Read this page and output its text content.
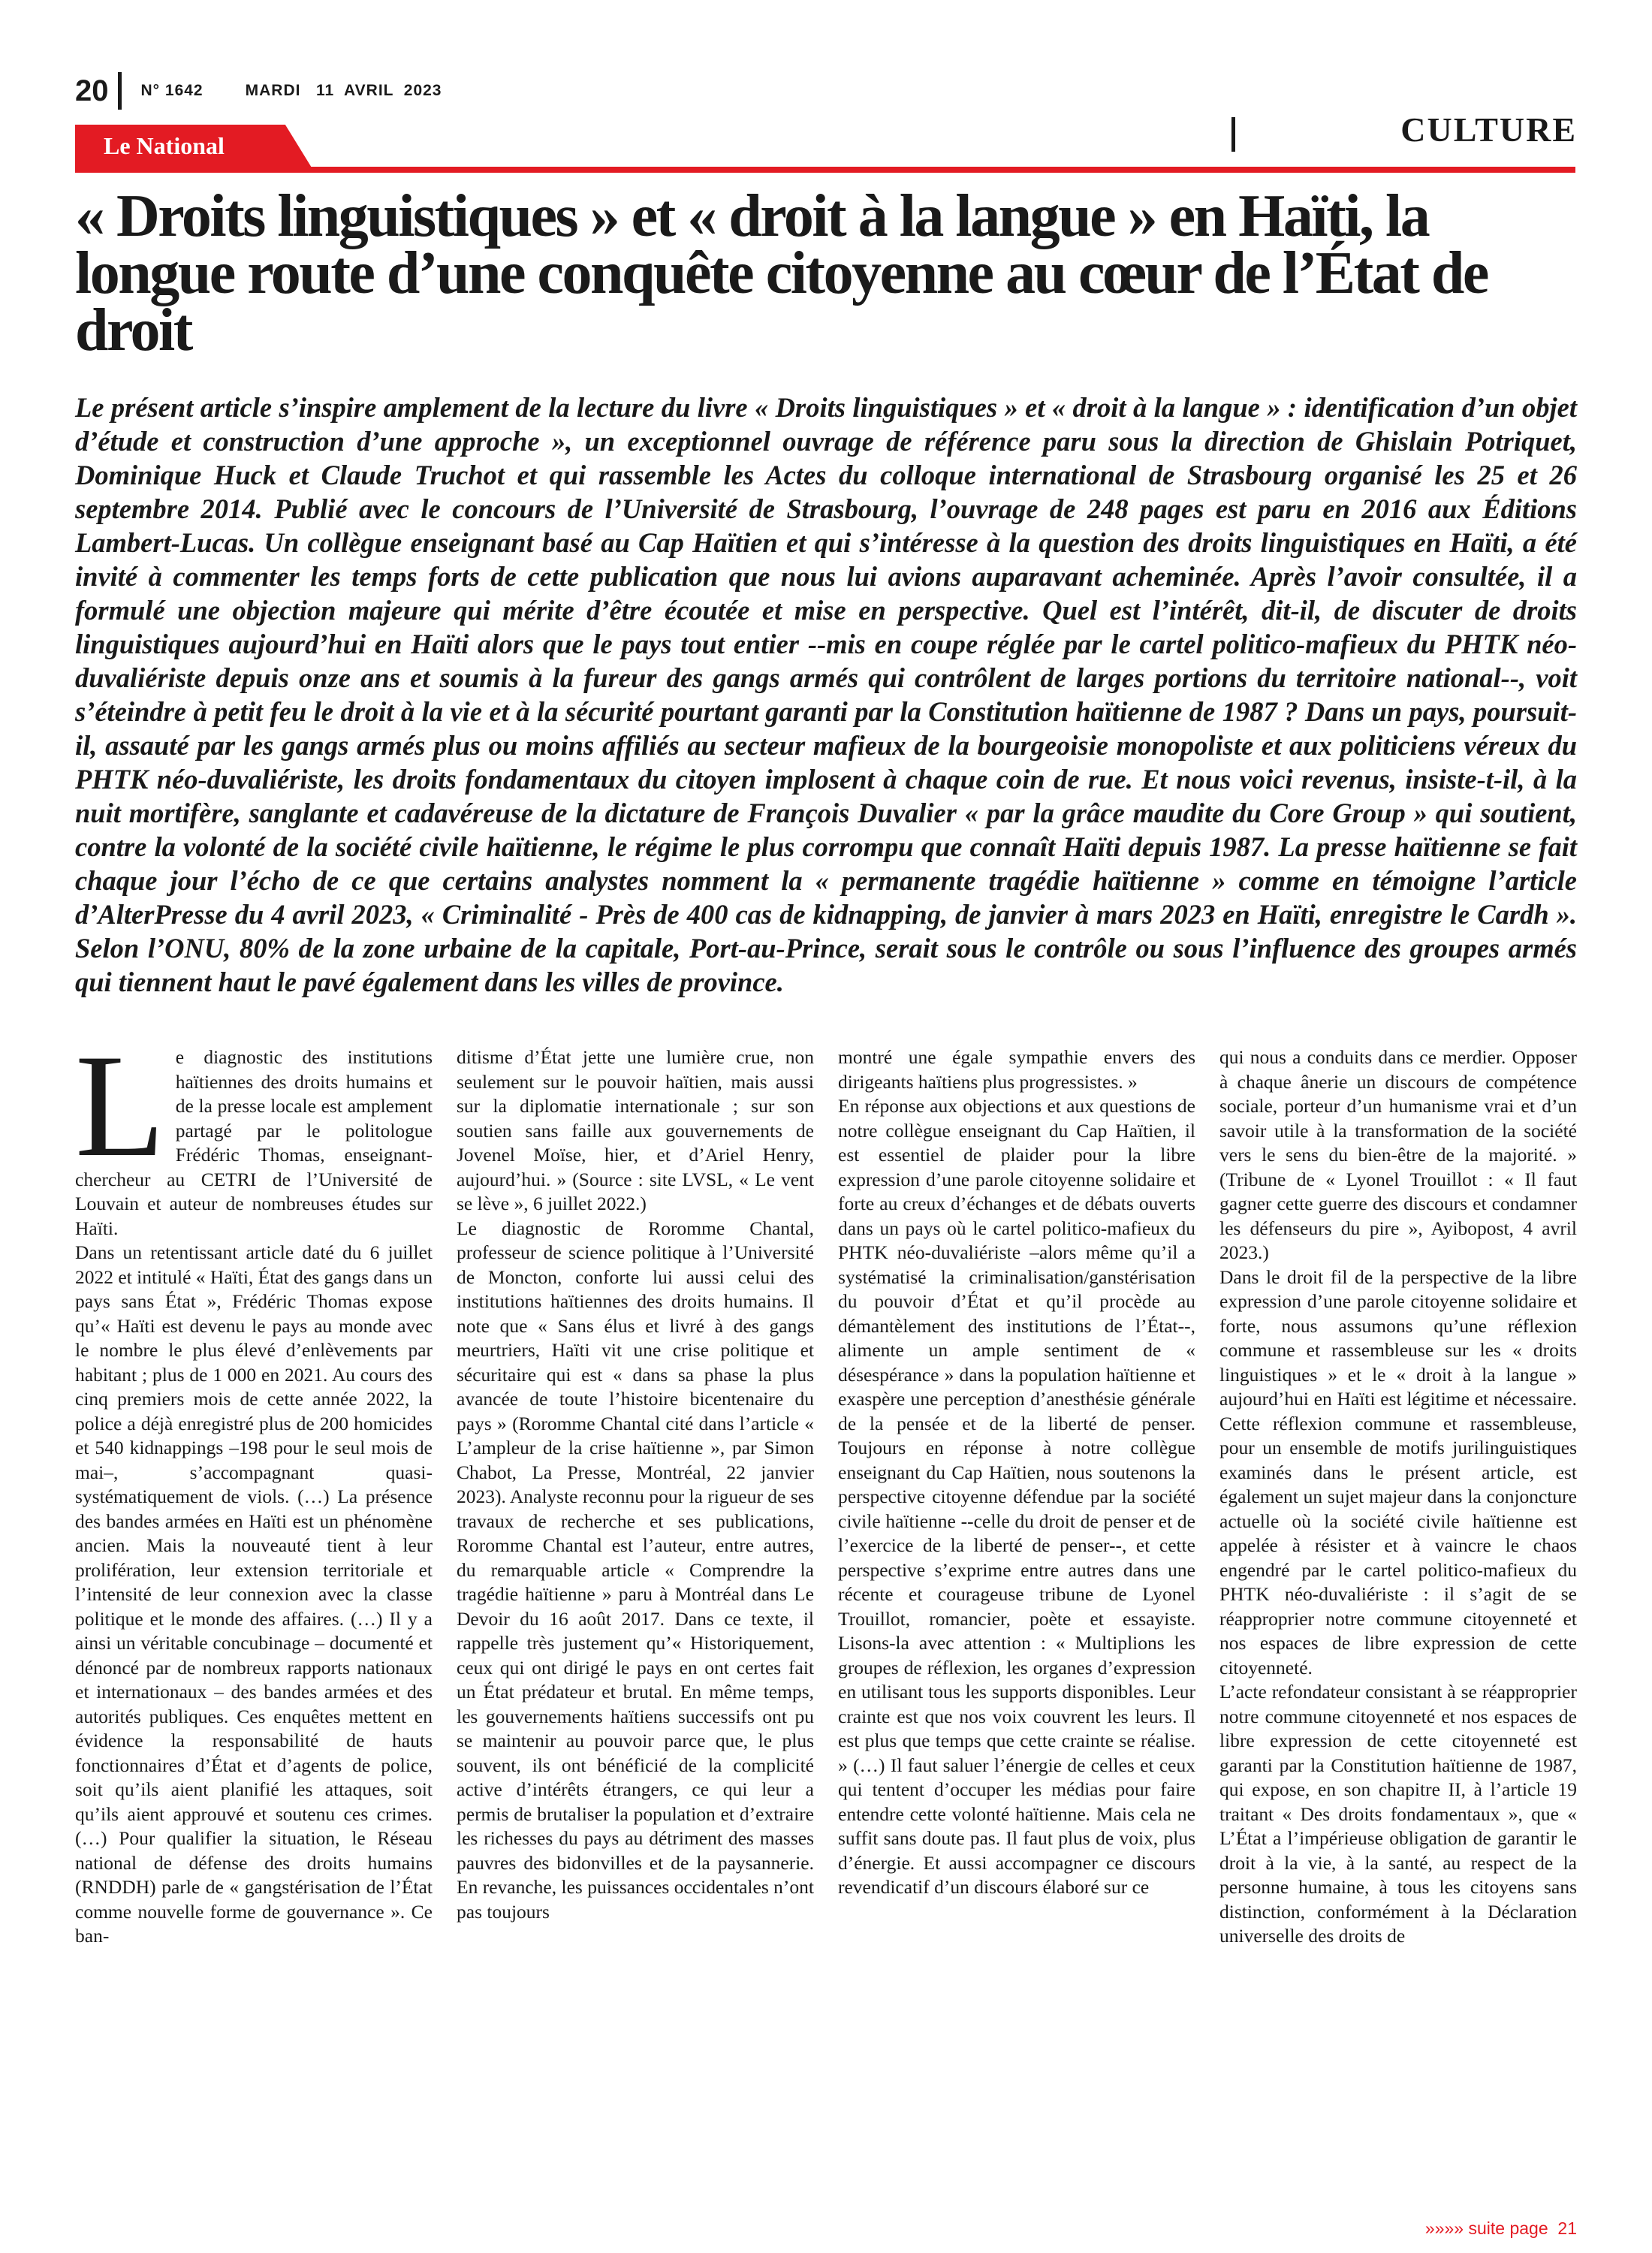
20 N° 1642	MARDI   11  AVRIL  2023
Le National	CULTURE
« Droits linguistiques » et « droit à la langue » en Haïti, la longue route d’une conquête citoyenne au cœur de l’État de droit

Le présent article s’inspire amplement de la lecture du livre « Droits linguistiques » et « droit à la langue » : identification d’un objet d’étude et construction d’une approche », un exceptionnel ouvrage de référence paru sous la direction de Ghislain Potriquet, Dominique Huck et Claude Truchot et qui rassemble les Actes du colloque international de Strasbourg organisé les 25 et 26 septembre 2014. Publié avec le concours de l’Université de Strasbourg, l’ouvrage de 248 pages est paru en 2016 aux Éditions Lambert-Lucas. Un collègue enseignant basé au Cap Haïtien et qui s’intéresse à la question des droits linguistiques en Haïti, a été invité à commenter les temps forts de cette publication que nous lui avions auparavant acheminée. Après l’avoir consultée, il a formulé une objection majeure qui mérite d’être écoutée et mise en perspective. Quel est l’intérêt, dit-il, de discuter de droits linguistiques aujourd’hui en Haïti alors que le pays tout entier --mis en coupe réglée par le cartel politico-mafieux du PHTK néo-duvaliériste depuis onze ans et soumis à la fureur des gangs armés qui contrôlent de larges portions du territoire national--, voit s’éteindre à petit feu le droit à la vie et à la sécurité pourtant garanti par la Constitution haïtienne de 1987 ? Dans un pays, poursuit-il, assauté par les gangs armés plus ou moins affiliés au secteur mafieux de la bourgeoisie monopoliste et aux politiciens véreux du PHTK néo-duvaliériste, les droits fondamentaux du citoyen implosent à chaque coin de rue. Et nous voici revenus, insiste-t-il, à la nuit mortifère, sanglante et cadavéreuse de la dictature de François Duvalier « par la grâce maudite du Core Group » qui soutient, contre la volonté de la société civile haïtienne, le régime le plus corrompu que connaît Haïti depuis 1987. La presse haïtienne se fait chaque jour l’écho de ce que certains analystes nomment la « permanente tragédie haïtienne » comme en témoigne l’article d’AlterPresse du 4 avril 2023, « Criminalité - Près de 400 cas de kidnapping, de janvier à mars 2023 en Haïti, enregistre le Cardh ». Selon l’ONU, 80% de la zone urbaine de la capitale, Port-au-Prince, serait sous le contrôle ou sous l’influence des groupes armés qui tiennent haut le pavé également dans les villes de province.

L e diagnostic des institutions haïtiennes des droits humains et de la presse locale est amplement partagé par le politologue Frédéric Thomas, enseignant-chercheur au CETRI de l’Université de Louvain et auteur de nombreuses études sur Haïti.

Dans un retentissant article daté du 6 juillet 2022 et intitulé « Haïti, État des gangs dans un pays sans État », Frédéric Thomas expose qu’« Haïti est devenu le pays au monde avec le nombre le plus élevé d’enlèvements par habitant ; plus de 1 000 en 2021. Au cours des cinq premiers mois de cette année 2022, la police a déjà enregistré plus de 200 homicides et 540 kidnappings –198 pour le seul mois de mai–, s’accompagnant quasi-systématiquement de viols. (…) La présence des bandes armées en Haïti est un phénomène ancien. Mais la nouveauté tient à leur prolifération, leur extension territoriale et l’intensité de leur connexion avec la classe politique et le monde des affaires. (…) Il y a ainsi un véritable concubinage – documenté et dénoncé par de nombreux rapports nationaux et internationaux – des bandes armées et des autorités publiques. Ces enquêtes mettent en évidence la responsabilité de hauts fonctionnaires d’État et d’agents de police, soit qu’ils aient planifié les attaques, soit qu’ils aient approuvé et soutenu ces crimes. (…) Pour qualifier la situation, le Réseau national de défense des droits humains (RNDDH) parle de « gangstérisation de l’État comme nouvelle forme de gouvernance ». Ce ban-

ditisme d’État jette une lumière crue, non seulement sur le pouvoir haïtien, mais aussi sur la diplomatie internationale ; sur son soutien sans faille aux gouvernements de Jovenel Moïse, hier, et d’Ariel Henry, aujourd’hui. » (Source : site LVSL, « Le vent se lève », 6 juillet 2022.)

Le diagnostic de Roromme Chantal, professeur de science politique à l’Université de Moncton, conforte lui aussi celui des institutions haïtiennes des droits humains. Il note que « Sans élus et livré à des gangs meurtriers, Haïti vit une crise politique et sécuritaire qui est « dans sa phase la plus avancée de toute l’histoire bicentenaire du pays » (Roromme Chantal cité dans l’article « L’ampleur de la crise haïtienne », par Simon Chabot, La Presse, Montréal, 22 janvier 2023). Analyste reconnu pour la rigueur de ses travaux de recherche et ses publications, Roromme Chantal est l’auteur, entre autres, du remarquable article « Comprendre la tragédie haïtienne » paru à Montréal dans Le Devoir du 16 août 2017. Dans ce texte, il rappelle très justement qu’« Historiquement, ceux qui ont dirigé le pays en ont certes fait un État prédateur et brutal. En même temps, les gouvernements haïtiens successifs ont pu se maintenir au pouvoir parce que, le plus souvent, ils ont bénéficié de la complicité active d’intérêts étrangers, ce qui leur a permis de brutaliser la population et d’extraire les richesses du pays au détriment des masses pauvres des bidonvilles et de la paysannerie. En revanche, les puissances occidentales n’ont pas toujours

montré une égale sympathie envers des dirigeants haïtiens plus progressistes. »

En réponse aux objections et aux questions de notre collègue enseignant du Cap Haïtien, il est essentiel de plaider pour la libre expression d’une parole citoyenne solidaire et forte au creux d’échanges et de débats ouverts dans un pays où le cartel politico-mafieux du PHTK néo-duvaliériste –alors même qu’il a systématisé la criminalisation/ganstérisation du pouvoir d’État et qu’il procède au démantèlement des institutions de l’État--, alimente un ample sentiment de « désespérance » dans la population haïtienne et exaspère une perception d’anesthésie générale de la pensée et de la liberté de penser. Toujours en réponse à notre collègue enseignant du Cap Haïtien, nous soutenons la perspective citoyenne défendue par la société civile haïtienne --celle du droit de penser et de l’exercice de la liberté de penser--, et cette perspective s’exprime entre autres dans une récente et courageuse tribune de Lyonel Trouillot, romancier, poète et essayiste. Lisons-la avec attention : « Multiplions les groupes de réflexion, les organes d’expression en utilisant tous les supports disponibles. Leur crainte est que nos voix couvrent les leurs. Il est plus que temps que cette crainte se réalise. » (…) Il faut saluer l’énergie de celles et ceux qui tentent d’occuper les médias pour faire entendre cette volonté haïtienne. Mais cela ne suffit sans doute pas. Il faut plus de voix, plus d’énergie. Et aussi accompagner ce discours revendicatif d’un discours élaboré sur ce

qui nous a conduits dans ce merdier. Opposer à chaque ânerie un discours de compétence sociale, porteur d’un humanisme vrai et d’un savoir utile à la transformation de la société vers le sens du bien-être de la majorité. » (Tribune de « Lyonel Trouillot : « Il faut gagner cette guerre des discours et condamner les défenseurs du pire », Ayibopost, 4 avril 2023.)

Dans le droit fil de la perspective de la libre expression d’une parole citoyenne solidaire et forte, nous assumons qu’une réflexion commune et rassembleuse sur les « droits linguistiques » et le « droit à la langue » aujourd’hui en Haïti est légitime et nécessaire. Cette réflexion commune et rassembleuse, pour un ensemble de motifs jurilinguistiques examinés dans le présent article, est également un sujet majeur dans la conjoncture actuelle où la société civile haïtienne est appelée à résister et à vaincre le chaos engendré par le cartel politico-mafieux du PHTK néo-duvaliériste : il s’agit de se réapproprier notre commune citoyenneté et nos espaces de libre expression de cette citoyenneté.

L’acte refondateur consistant à se réapproprier notre commune citoyenneté et nos espaces de libre expression de cette citoyenneté est garanti par la Constitution haïtienne de 1987, qui expose, en son chapitre II, à l’article 19 traitant « Des droits fondamentaux », que « L’État a l’impérieuse obligation de garantir le droit à la vie, à la santé, au respect de la personne humaine, à tous les citoyens sans distinction, conformément à la Déclaration universelle des droits de

»»»» suite page  21
